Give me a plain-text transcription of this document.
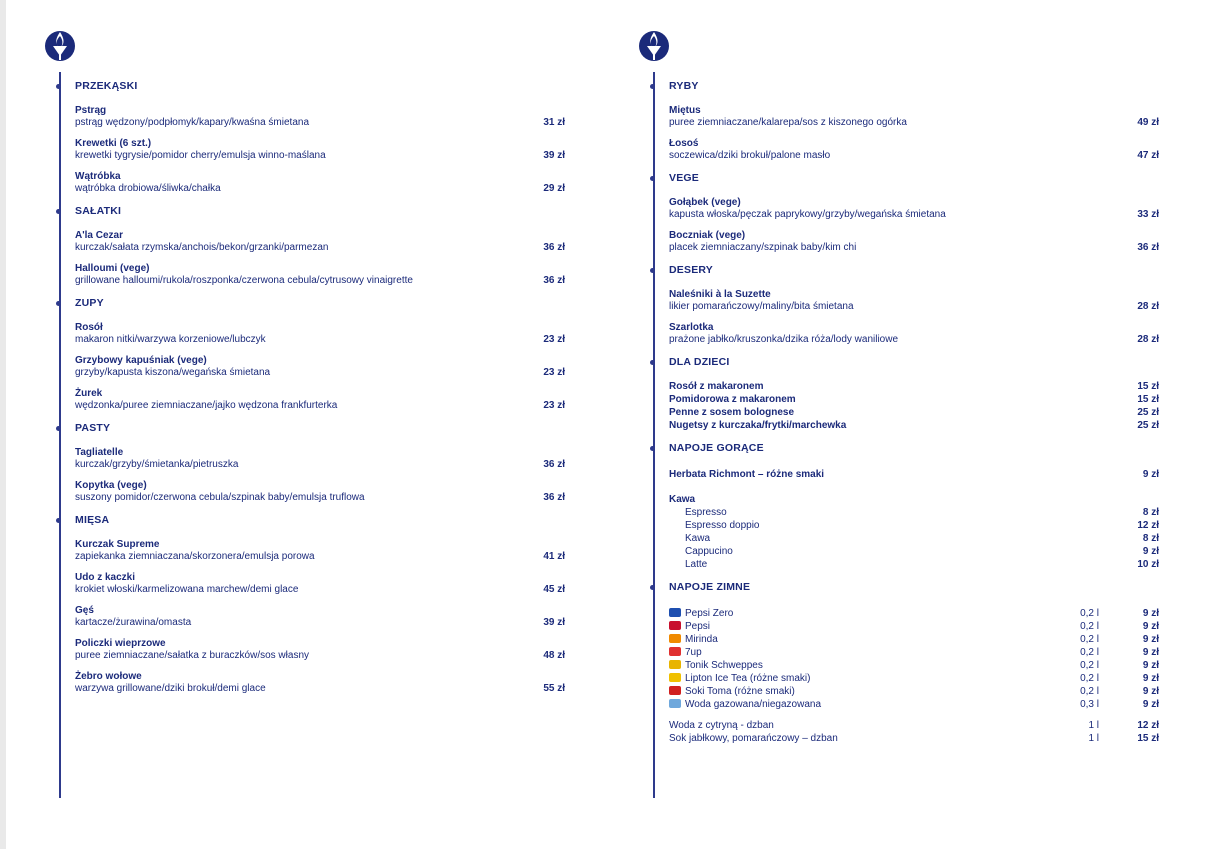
PRZEKĄSKI
Pstrąg
pstrąg wędzony/podpłomyk/kapary/kwaśna śmietana	31 zł
Krewetki (6 szt.)
krewetki tygrysie/pomidor cherry/emulsja winno-maślana	39 zł
Wątróbka
wątróbka drobiowa/śliwka/chałka	29 zł
SAŁATKI
A'la Cezar
kurczak/sałata rzymska/anchois/bekon/grzanki/parmezan	36 zł
Halloumi (vege)
grillowane halloumi/rukola/roszponka/czerwona cebula/cytrusowy vinaigrette	36 zł
ZUPY
Rosół
makaron nitki/warzywa korzeniowe/lubczyk	23 zł
Grzybowy kapuśniak (vege)
grzyby/kapusta kiszona/wegańska śmietana	23 zł
Żurek
wędzonka/puree ziemniaczane/jajko wędzona frankfurterka	23 zł
PASTY
Tagliatelle
kurczak/grzyby/śmietanka/pietruszka	36 zł
Kopytka (vege)
suszony pomidor/czerwona cebula/szpinak baby/emulsja truflowa	36 zł
MIĘSA
Kurczak Supreme
zapiekanka ziemniaczana/skorzonera/emulsja porowa	41 zł
Udo z kaczki
krokiet włoski/karmelizowana marchew/demi glace	45 zł
Gęś
kartacze/żurawina/omasta	39 zł
Policzki wieprzowe
puree ziemniaczane/sałatka z buraczków/sos własny	48 zł
Żebro wołowe
warzywa grillowane/dziki brokuł/demi glace	55 zł
RYBY
Miętus
puree ziemniaczane/kalarepa/sos z kiszonego ogórka	49 zł
Łosoś
soczewica/dziki brokuł/palone masło	47 zł
VEGE
Gołąbek (vege)
kapusta włoska/pęczak paprykowy/grzyby/wegańska śmietana	33 zł
Boczniak (vege)
placek ziemniaczany/szpinak baby/kim chi	36 zł
DESERY
Naleśniki à la Suzette
likier pomarańczowy/maliny/bita śmietana	28 zł
Szarlotka
prażone jabłko/kruszonka/dzika róża/lody waniliowe	28 zł
DLA DZIECI
Rosół z makaronem	15 zł
Pomidorowa z makaronem	15 zł
Penne z sosem bolognese	25 zł
Nugetsy z kurczaka/frytki/marchewka	25 zł
NAPOJE GORĄCE
Herbata Richmont – różne smaki	9 zł
Kawa
Espresso	8 zł
Espresso doppio	12 zł
Kawa	8 zł
Cappucino	9 zł
Latte	10 zł
NAPOJE ZIMNE
Pepsi Zero	0,2 l	9 zł
Pepsi	0,2 l	9 zł
Mirinda	0,2 l	9 zł
7up	0,2 l	9 zł
Tonik Schweppes	0,2 l	9 zł
Lipton Ice Tea (różne smaki)	0,2 l	9 zł
Soki Toma (różne smaki)	0,2 l	9 zł
Woda gazowana/niegazowana	0,3 l	9 zł
Woda z cytryną - dzban	1 l	12 zł
Sok jabłkowy, pomarańczowy – dzban	1 l	15 zł
